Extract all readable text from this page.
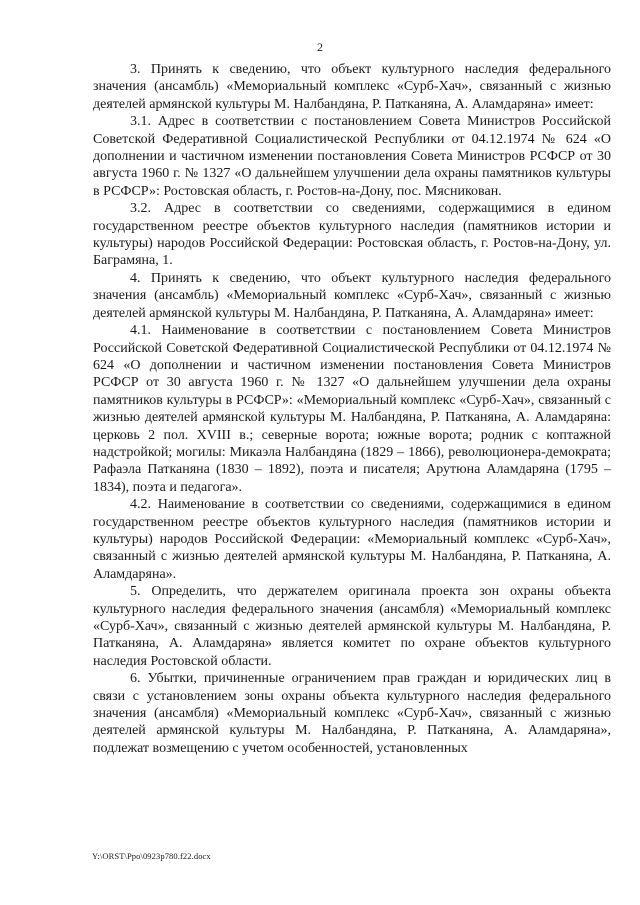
2

3. Принять к сведению, что объект культурного наследия федерального значения (ансамбль) «Мемориальный комплекс «Сурб-Хач», связанный с жизнью деятелей армянской культуры М. Налбандяна, Р. Патканяна, А. Аламдаряна» имеет:

3.1. Адрес в соответствии с постановлением Совета Министров Российской Советской Федеративной Социалистической Республики от 04.12.1974 № 624 «О дополнении и частичном изменении постановления Совета Министров РСФСР от 30 августа 1960 г. № 1327 «О дальнейшем улучшении дела охраны памятников культуры в РСФСР»: Ростовская область, г. Ростов-на-Дону, пос. Мясникован.

3.2. Адрес в соответствии со сведениями, содержащимися в едином государственном реестре объектов культурного наследия (памятников истории и культуры) народов Российской Федерации: Ростовская область, г. Ростов-на-Дону, ул. Баграмяна, 1.

4. Принять к сведению, что объект культурного наследия федерального значения (ансамбль) «Мемориальный комплекс «Сурб-Хач», связанный с жизнью деятелей армянской культуры М. Налбандяна, Р. Патканяна, А. Аламдаряна» имеет:

4.1. Наименование в соответствии с постановлением Совета Министров Российской Советской Федеративной Социалистической Республики от 04.12.1974 № 624 «О дополнении и частичном изменении постановления Совета Министров РСФСР от 30 августа 1960 г. № 1327 «О дальнейшем улучшении дела охраны памятников культуры в РСФСР»: «Мемориальный комплекс «Сурб-Хач», связанный с жизнью деятелей армянской культуры М. Налбандяна, Р. Патканяна, А. Аламдаряна: церковь 2 пол. XVIII в.; северные ворота; южные ворота; родник с коптажной надстройкой; могилы: Микаэла Налбандяна (1829 – 1866), революционера-демократа; Рафаэла Патканяна (1830 – 1892), поэта и писателя; Арутюна Аламдаряна (1795 – 1834), поэта и педагога».

4.2. Наименование в соответствии со сведениями, содержащимися в едином государственном реестре объектов культурного наследия (памятников истории и культуры) народов Российской Федерации: «Мемориальный комплекс «Сурб-Хач», связанный с жизнью деятелей армянской культуры М. Налбандяна, Р. Патканяна, А. Аламдаряна».

5. Определить, что держателем оригинала проекта зон охраны объекта культурного наследия федерального значения (ансамбля) «Мемориальный комплекс «Сурб-Хач», связанный с жизнью деятелей армянской культуры М. Налбандяна, Р. Патканяна, А. Аламдаряна» является комитет по охране объектов культурного наследия Ростовской области.

6. Убытки, причиненные ограничением прав граждан и юридических лиц в связи с установлением зоны охраны объекта культурного наследия федерального значения (ансамбля) «Мемориальный комплекс «Сурб-Хач», связанный с жизнью деятелей армянской культуры М. Налбандяна, Р. Патканяна, А. Аламдаряна», подлежат возмещению с учетом особенностей, установленных

Y:\ORST\Ppo\0923p780.f22.docx
